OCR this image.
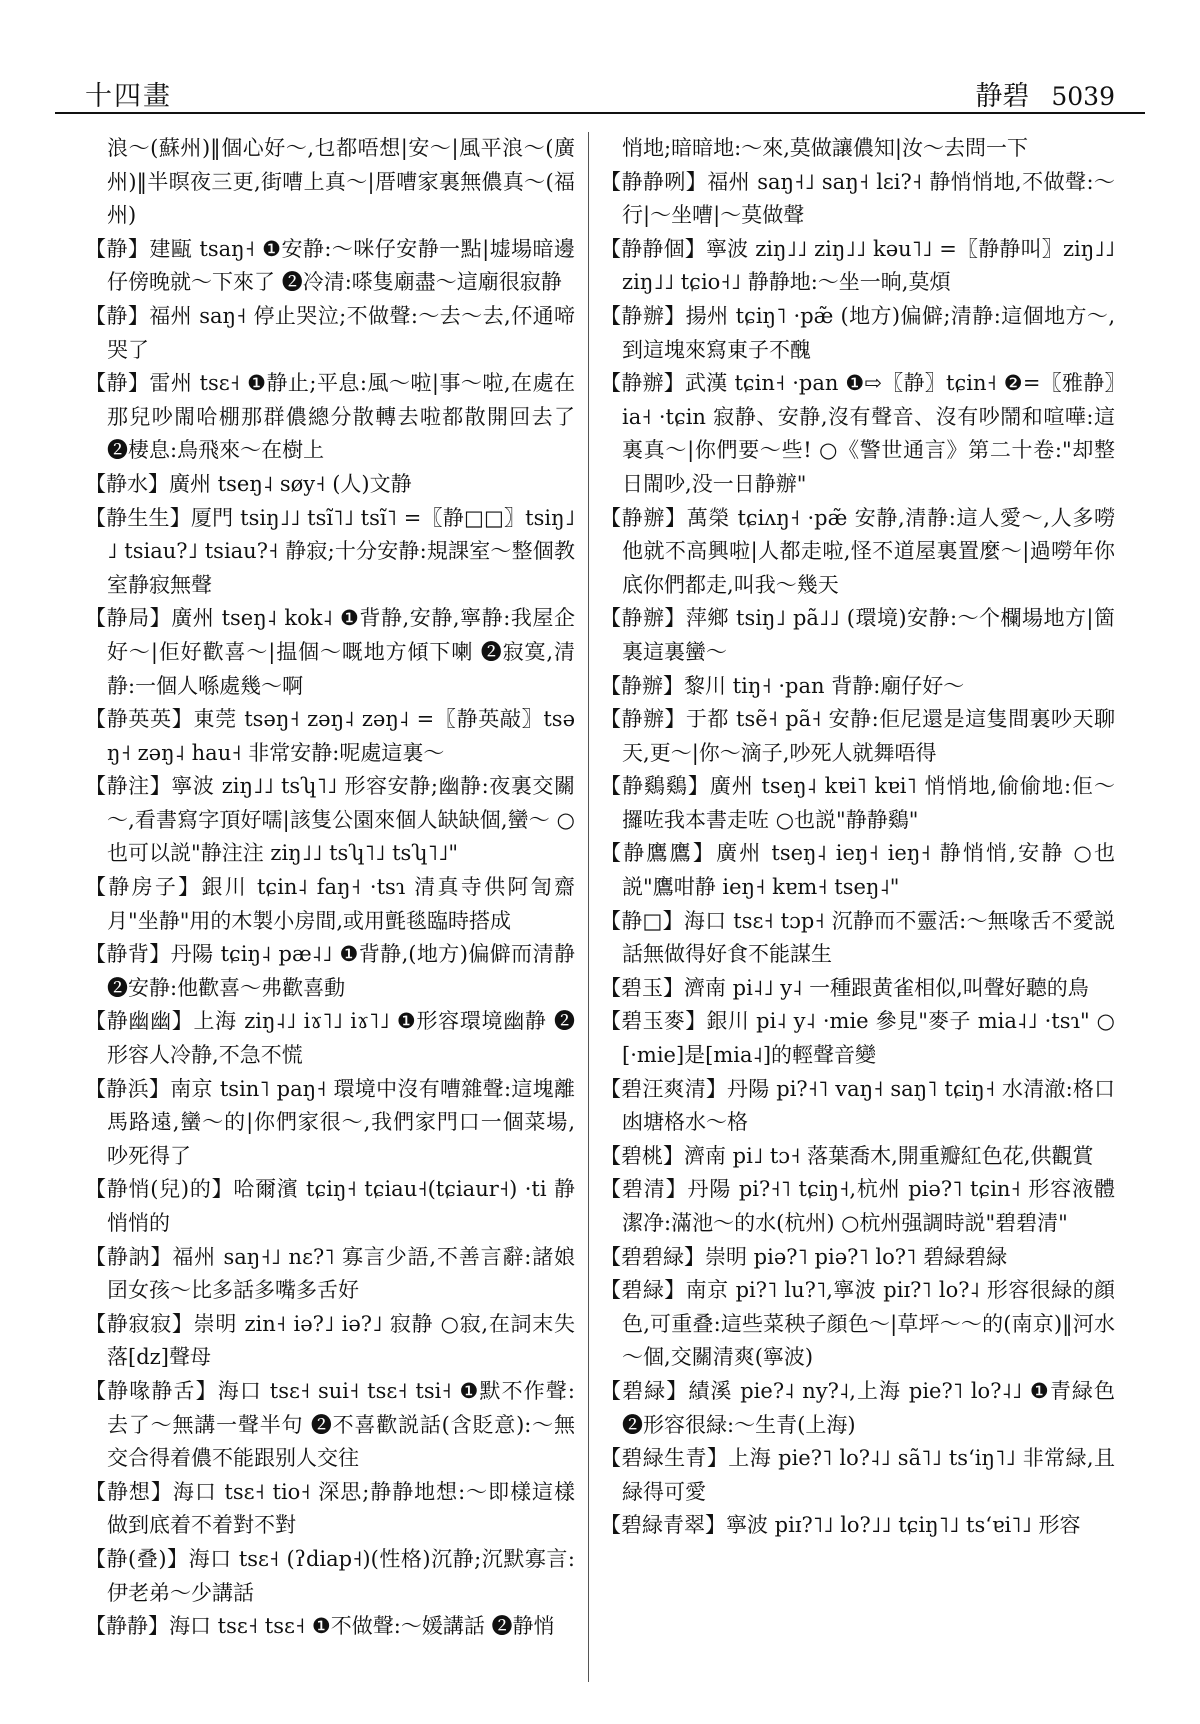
十四畫	静碧 5039

浪～(蘇州)‖個心好～,乜都唔想|安～|風平浪～(廣州)‖半暝夜三更,街嘈上真～|厝嘈家裏無儂真～(福州)

【静】建甌 tsaŋ˧ ❶安静:～咪仔安静一點|墟場暗邊仔傍晚就～下來了 ❷冷清:嗏隻廟盡～這廟很寂静

【静】福州 saŋ˧ 停止哭泣;不做聲:～去～去,伓通啼哭了

【静】雷州 tsɛ˧ ❶静止;平息:風～啦|事～啦,在處在那兒吵閙哈棚那群儂總分散轉去啦都散開回去了 ❷棲息:鳥飛來～在樹上

【静水】廣州 tseŋ˨ søy˧ (人)文静

【静生生】厦門 tsiŋ˩˩ tsĩ˥˩ tsĩ˥ =〖静□□〗tsiŋ˩˩ tsiau?˩ tsiau?˧ 静寂;十分安静:規課室～整個教室静寂無聲

【静局】廣州 tseŋ˨ kok˨ ❶背静,安静,寧静:我屋企好～|佢好歡喜～|揾個～嘅地方傾下喇 ❷寂寞,清静:一個人喺處幾～啊

【静英英】東莞 tsəŋ˧ zəŋ˨ zəŋ˨ =〖静英敲〗tsəŋ˧ zəŋ˨ hau˧ 非常安静:呢處這裏～

【静注】寧波 ziŋ˩˩ tsʮ˥˩ 形容安静;幽静:夜裏交關～,看書寫字頂好嚅|該隻公園來個人缺缺個,蠻～ ○也可以説"静注注 ziŋ˩˩ tsʮ˥˩ tsʮ˥˩"

【静房子】銀川 tɕin˨ faŋ˧ ·tsɿ 清真寺供阿訇齋月"坐静"用的木製小房間,或用氈毯臨時搭成

【静背】丹陽 tɕiŋ˨ pæ˨˩ ❶背静,(地方)偏僻而清静 ❷安静:他歡喜～弗歡喜動

【静幽幽】上海 ziŋ˨˩ iɤ˥˩ iɤ˥˩ ❶形容環境幽静 ❷形容人冷静,不急不慌

【静浜】南京 tsin˥ paŋ˧ 環境中沒有嘈雜聲:這塊離馬路遠,蠻～的|你們家很～,我們家門口一個菜場,吵死得了

【静悄(兒)的】哈爾濱 tɕiŋ˧ tɕiau˧(tɕiaur˧) ·ti 静悄悄的

【静訥】福州 saŋ˧˩ nɛ?˥ 寡言少語,不善言辭:諸娘囝女孩～比多話多嘴多舌好

【静寂寂】崇明 zin˧ iə?˩ iə?˩ 寂静 ○寂,在詞末失落[dz]聲母

【静喙静舌】海口 tsɛ˧ sui˧ tsɛ˧ tsi˧ ❶默不作聲:去了～無講一聲半句 ❷不喜歡説話(含貶意):～無交合得着儂不能跟别人交往

【静想】海口 tsɛ˧ tio˧ 深思;静静地想:～即樣這樣做到底着不着對不對

【静(叠)】海口 tsɛ˧ (ʔdiap˧)(性格)沉静;沉默寡言:伊老弟～少講話

【静静】海口 tsɛ˧ tsɛ˧ ❶不做聲:～媛講話 ❷静悄

悄地;暗暗地:～來,莫做讓儂知|汝～去問一下

【静静咧】福州 saŋ˧˩ saŋ˧ lɛi?˧ 静悄悄地,不做聲:～行|～坐嘈|～莫做聲

【静静個】寧波 ziŋ˩˩ ziŋ˩˩ kəu˥˩ =〖静静叫〗ziŋ˩˩ ziŋ˩˩ tɕio˧˩ 静静地:～坐一晌,莫煩

【静辦】揚州 tɕiŋ˥ ·pæ̃ (地方)偏僻;清静:這個地方～,到這塊來寫東子不醜

【静辦】武漢 tɕin˧ ·pan ❶⇨〖静〗tɕin˧ ❷=〖雅静〗ia˧ ·tɕin 寂静、安静,沒有聲音、沒有吵鬧和喧嘩:這裏真～|你們要～些! ○《警世通言》第二十卷:"却整日閙吵,没一日静辦"

【静辦】萬榮 tɕiʌŋ˧ ·pæ̃ 安静,清静:這人愛～,人多嘮他就不高興啦|人都走啦,怪不道屋裏置麼～|過嘮年你底你們都走,叫我～幾天

【静辦】萍鄉 tsiŋ˩ pã˩˩ (環境)安静:～个欄場地方|箇裏這裏蠻～

【静辦】黎川 tiŋ˧ ·pan 背静:廟仔好～

【静辦】于都 tsẽ˧ pã˧ 安静:佢尼還是這隻間裏吵天聊天,更～|你～滴子,吵死人就舞唔得

【静鷄鷄】廣州 tseŋ˨ kɐi˥ kɐi˥ 悄悄地,偷偷地:佢～攞咗我本書走咗 ○也説"静静鷄"

【静鷹鷹】廣州 tseŋ˨ ieŋ˧ ieŋ˧ 静悄悄,安静 ○也説"鷹咁静 ieŋ˧ kɐm˧ tseŋ˨"

【静□】海口 tsɛ˧ tɔp˧ 沉静而不靈活:～無喙舌不愛説話無做得好食不能謀生

【碧玉】濟南 pi˨˩ y˨ 一種跟黄雀相似,叫聲好聽的鳥

【碧玉麥】銀川 pi˨ y˨ ·mie 參見"麥子 mia˨˩ ·tsɿ" ○[·mie]是[mia˨]的輕聲音變

【碧汪爽清】丹陽 pi?˧˥ vaŋ˧ saŋ˥ tɕiŋ˧ 水清澈:格口凼塘格水～格

【碧桃】濟南 pi˩ tɔ˧ 落葉喬木,開重瓣紅色花,供觀賞

【碧清】丹陽 pi?˧˥ tɕiŋ˧,杭州 piə?˥ tɕin˧ 形容液體潔净:滿池～的水(杭州) ○杭州强調時説"碧碧清"

【碧碧緑】崇明 piə?˥ piə?˥ lo?˥ 碧緑碧緑

【碧緑】南京 pi?˥ lu?˥,寧波 piɪ?˥ lo?˨ 形容很緑的顔色,可重叠:這些菜秧子顔色～|草坪～～的(南京)‖河水～個,交關清爽(寧波)

【碧緑】績溪 pie?˨ ny?˨,上海 pie?˥ lo?˨˩ ❶青緑色 ❷形容很緑:～生青(上海)

【碧緑生青】上海 pie?˥ lo?˨˩ sã˥˩ tsʻiŋ˥˩ 非常緑,且緑得可愛

【碧緑青翠】寧波 piɪ?˥˩ lo?˩˩ tɕiŋ˥˩ tsʻɐi˥˩ 形容
